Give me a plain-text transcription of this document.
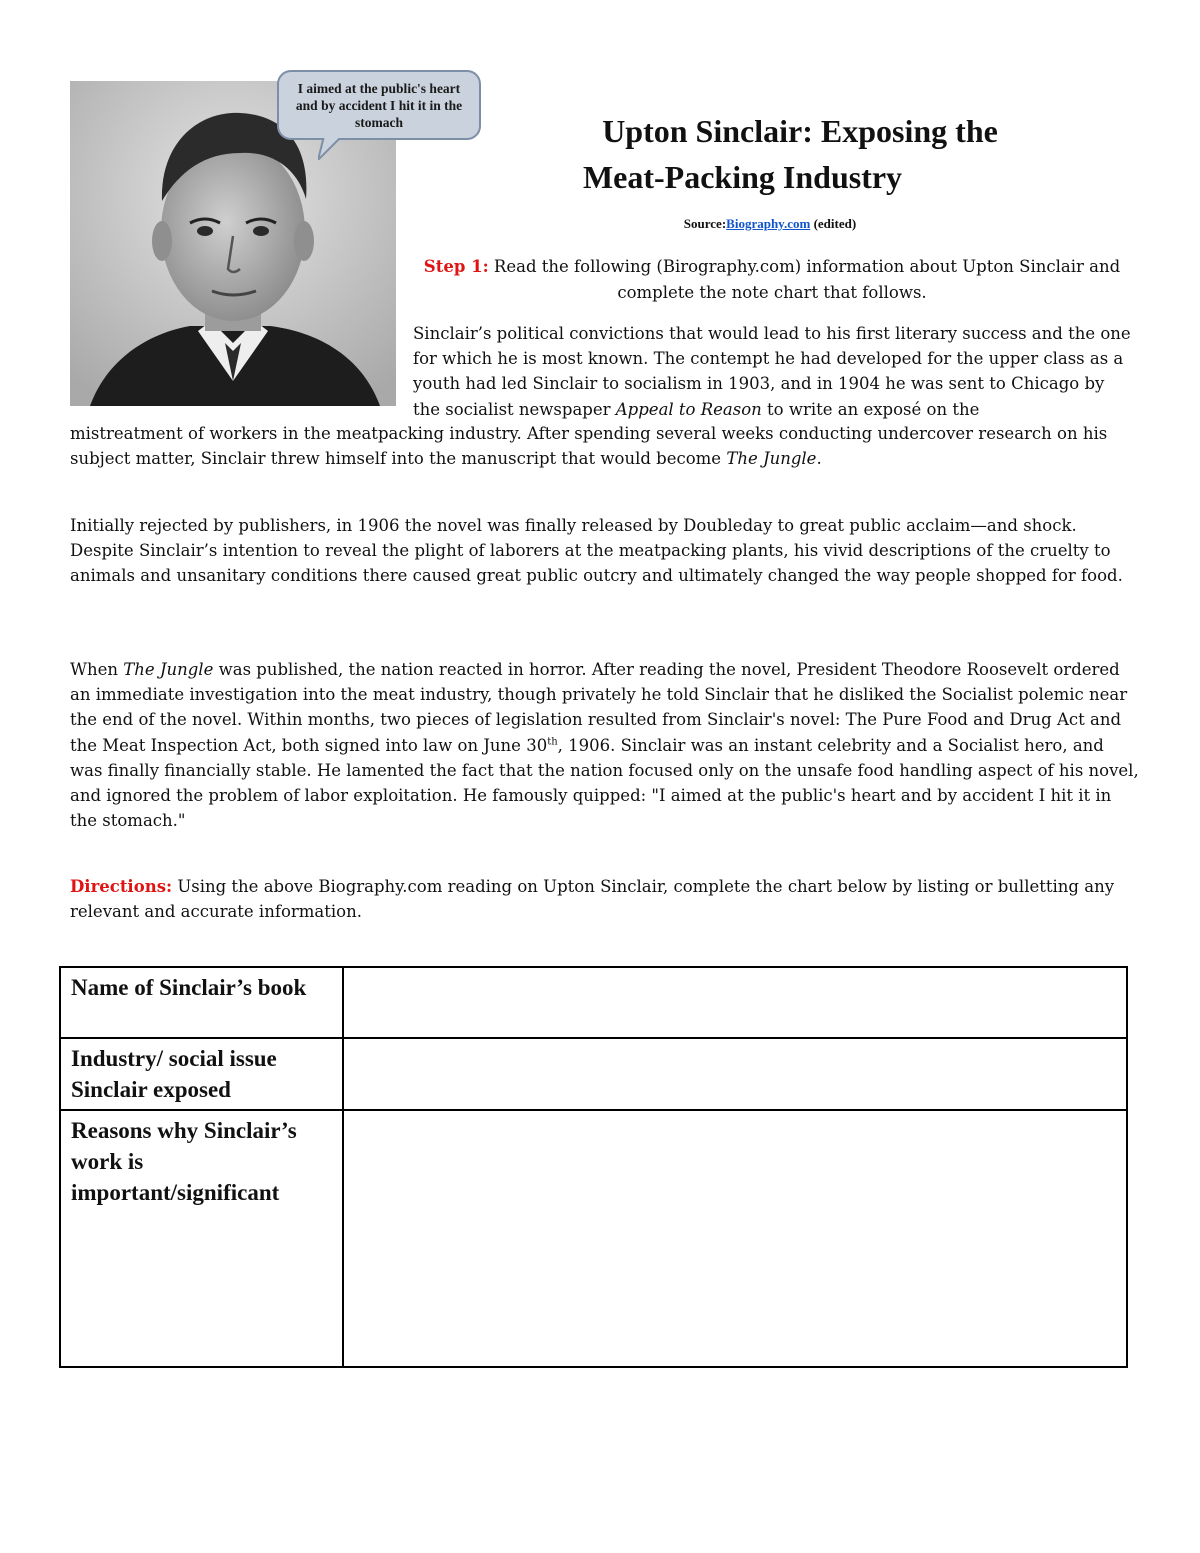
I aimed at the public's heart and by accident I hit it in the stomach	Upton Sinclair: Exposing the

Meat-Packing Industry
Source:Biography.com (edited)
Step 1: Read the following (Birography.com) information about Upton Sinclair and complete the note chart that follows.
Sinclair’s political convictions that would lead to his first literary success and the one for which he is most known. The contempt he had developed for the upper class as a youth had led Sinclair to socialism in 1903, and in 1904 he was sent to Chicago by the socialist newspaper Appeal to Reason to write an exposé on the
mistreatment of workers in the meatpacking industry. After spending several weeks conducting undercover research on his subject matter, Sinclair threw himself into the manuscript that would become The Jungle.
Initially rejected by publishers, in 1906 the novel was finally released by Doubleday to great public acclaim—and shock. Despite Sinclair’s intention to reveal the plight of laborers at the meatpacking plants, his vivid descriptions of the cruelty to animals and unsanitary conditions there caused great public outcry and ultimately changed the way people shopped for food.
When The Jungle was published, the nation reacted in horror. After reading the novel, President Theodore Roosevelt ordered an immediate investigation into the meat industry, though privately he told Sinclair that he disliked the Socialist polemic near the end of the novel. Within months, two pieces of legislation resulted from Sinclair's novel: The Pure Food and Drug Act and the Meat Inspection Act, both signed into law on June 30th, 1906. Sinclair was an instant celebrity and a Socialist hero, and was finally financially stable. He lamented the fact that the nation focused only on the unsafe food handling aspect of his novel, and ignored the problem of labor exploitation. He famously quipped: "I aimed at the public's heart and by accident I hit it in the stomach."
Directions: Using the above Biography.com reading on Upton Sinclair, complete the chart below by listing or bulletting any relevant and accurate information.
Name of Sinclair’s book	
Industry/ social issue Sinclair exposed	
Reasons why Sinclair’s work is important/significant	
